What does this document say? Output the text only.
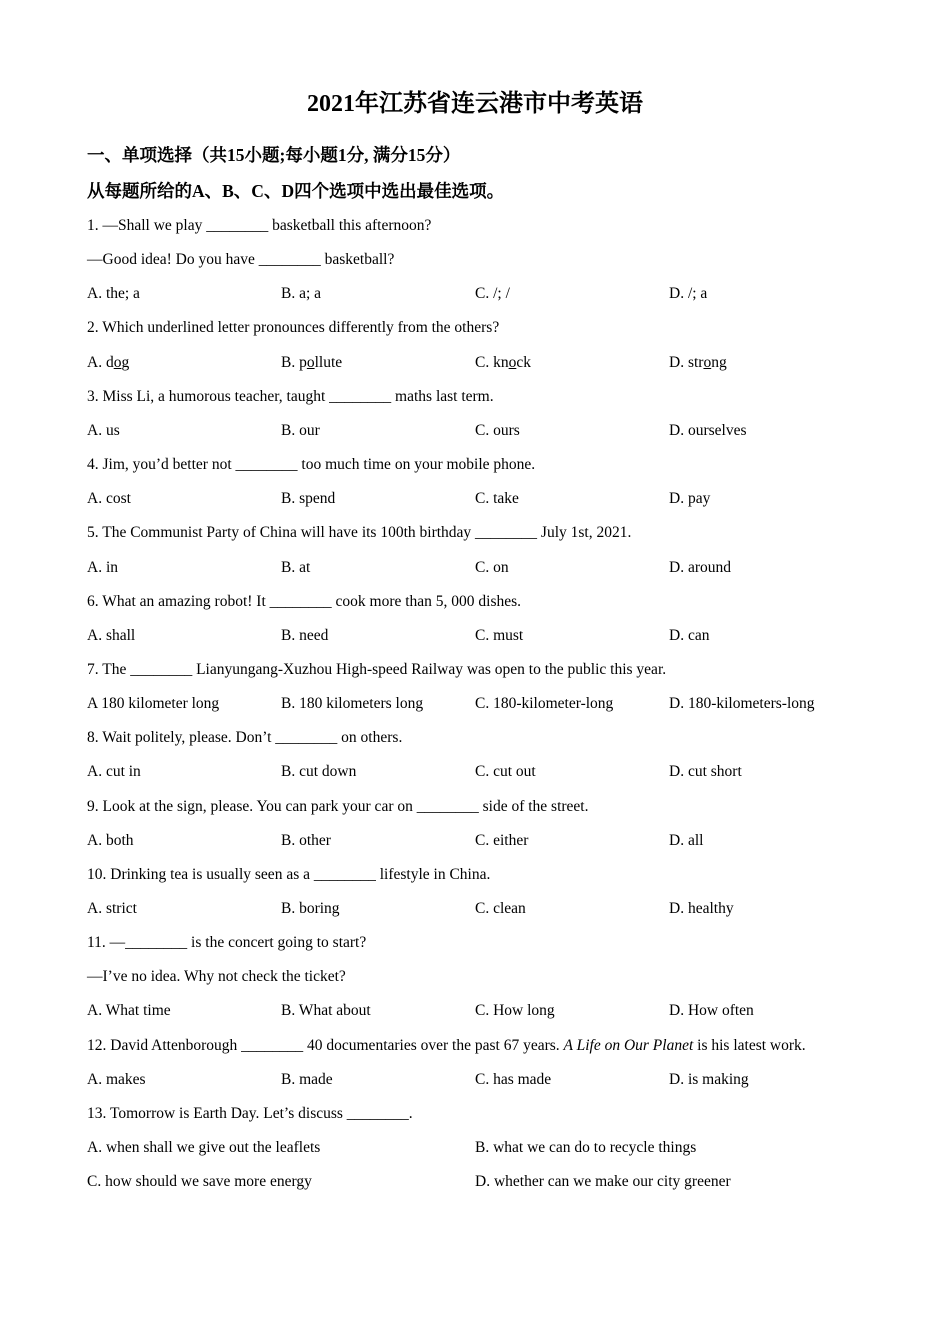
2021年江苏省连云港市中考英语
一、单项选择（共15小题;每小题1分, 满分15分）
从每题所给的A、B、C、D四个选项中选出最佳选项。
1. —Shall we play ________ basketball this afternoon?
—Good idea! Do you have ________ basketball?
A. the; a	B. a; a	C. /; /	D. /; a
2. Which underlined letter pronounces differently from the others?
A. dog	B. pollute	C. knock	D. strong
3. Miss Li, a humorous teacher, taught ________ maths last term.
A. us	B. our	C. ours	D. ourselves
4. Jim, you’d better not ________ too much time on your mobile phone.
A. cost	B. spend	C. take	D. pay
5. The Communist Party of China will have its 100th birthday ________ July 1st, 2021.
A. in	B. at	C. on	D. around
6. What an amazing robot! It ________ cook more than 5, 000 dishes.
A. shall	B. need	C. must	D. can
7. The ________ Lianyungang-Xuzhou High-speed Railway was open to the public this year.
A 180 kilometer long	B. 180 kilometers long	C. 180-kilometer-long	D. 180-kilometers-long
8. Wait politely, please. Don’t ________ on others.
A. cut in	B. cut down	C. cut out	D. cut short
9. Look at the sign, please. You can park your car on ________ side of the street.
A. both	B. other	C. either	D. all
10. Drinking tea is usually seen as a ________ lifestyle in China.
A. strict	B. boring	C. clean	D. healthy
11. —________ is the concert going to start?
—I’ve no idea. Why not check the ticket?
A. What time	B. What about	C. How long	D. How often
12. David Attenborough ________ 40 documentaries over the past 67 years. A Life on Our Planet is his latest work.
A. makes	B. made	C. has made	D. is making
13. Tomorrow is Earth Day. Let’s discuss ________.
A. when shall we give out the leaflets	B. what we can do to recycle things
C. how should we save more energy	D. whether can we make our city greener
